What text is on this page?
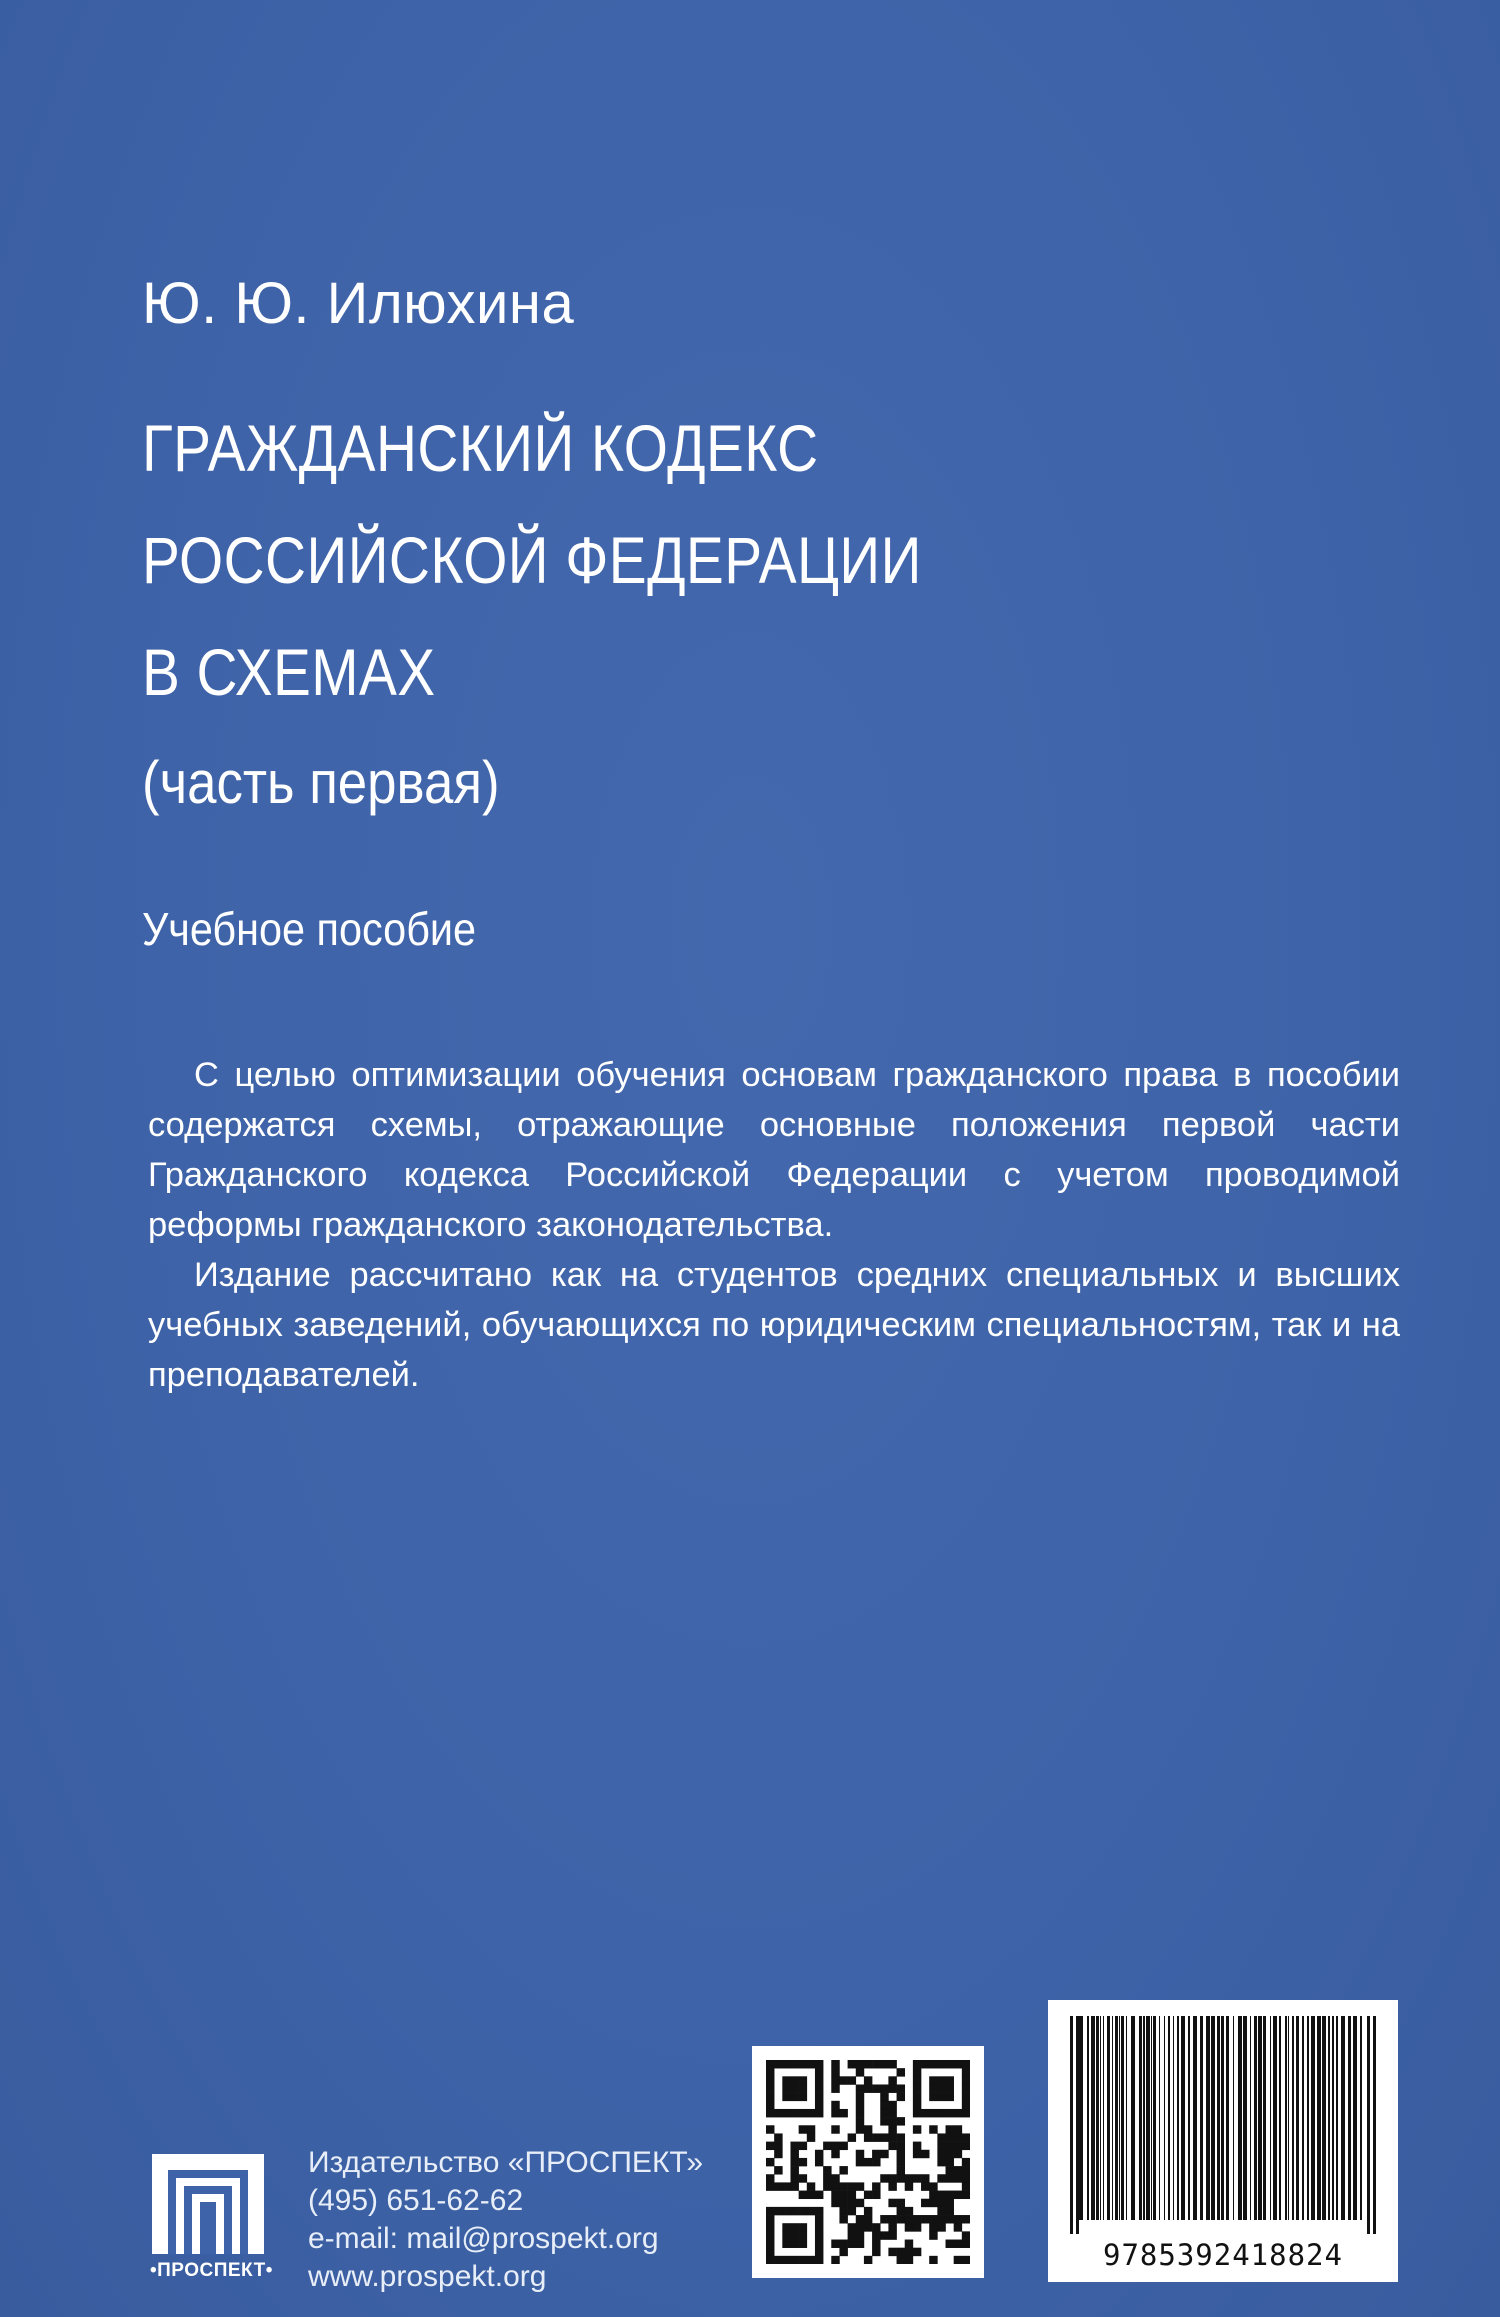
Ю. Ю. Илюхина
ГРАЖДАНСКИЙ КОДЕКС
РОССИЙСКОЙ ФЕДЕРАЦИИ
В СХЕМАХ
(часть первая)
Учебное пособие

С целью оптимизации обучения основам гражданского права в пособии содержатся схемы, отражающие основные положения первой части Гражданского кодекса Российской Федерации с учетом проводимой реформы гражданского законодательства.

Издание рассчитано как на студентов средних специальных и высших учебных заведений, обучающихся по юридическим специальностям, так и на преподавателей.

•ПРОСПЕКТ•
Издательство «ПРОСПЕКТ»
(495) 651-62-62
e-mail: mail@prospekt.org
www.prospekt.org
9785392418824
